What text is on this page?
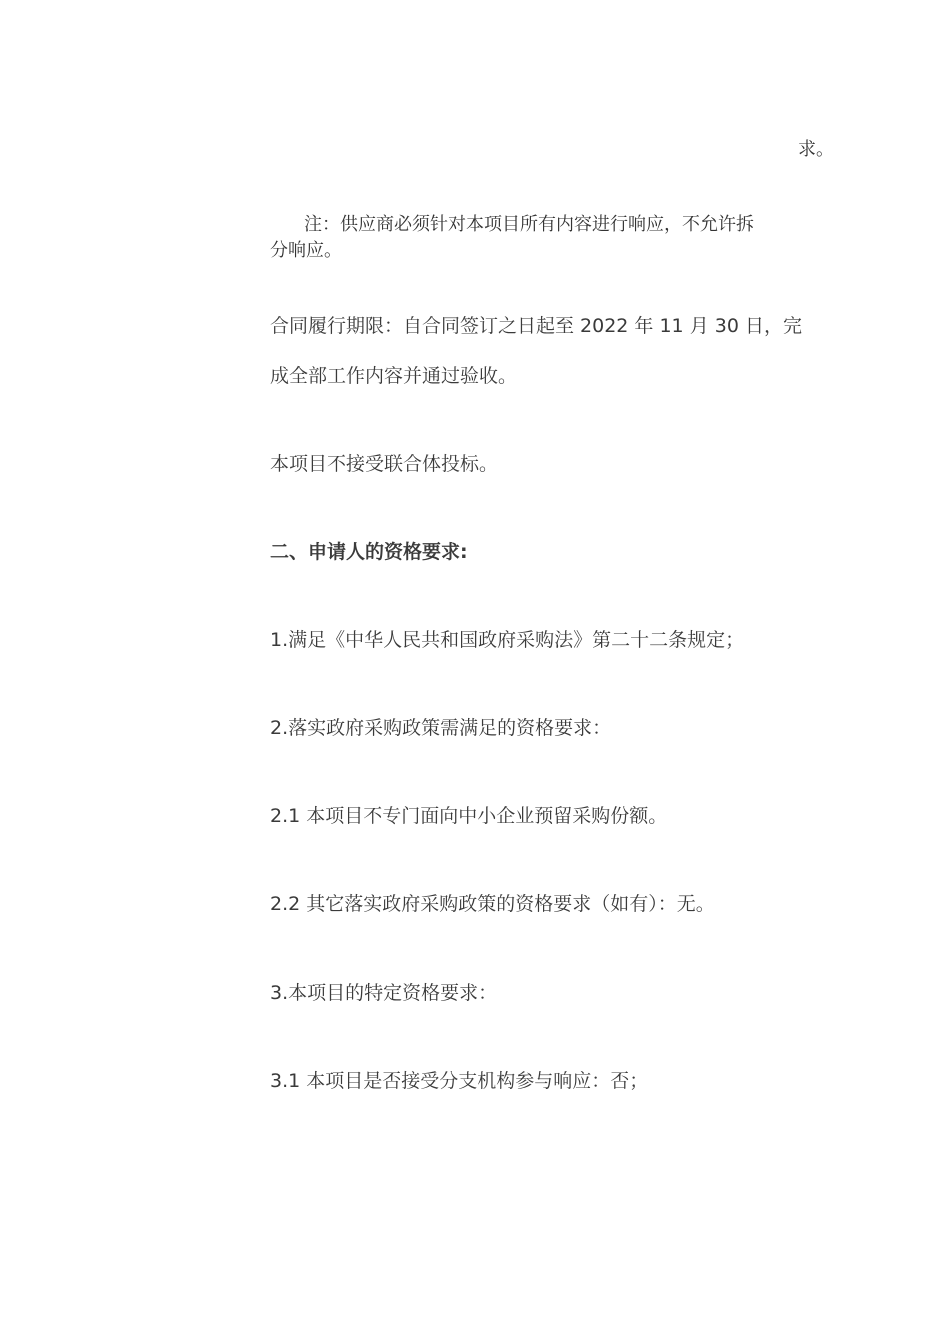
求。
注：供应商必须针对本项目所有内容进行响应，不允许拆
分响应。
合同履行期限：自合同签订之日起至 2022 年 11 月 30 日，完
成全部工作内容并通过验收。
本项目不接受联合体投标。
二、申请人的资格要求:
1.满足《中华人民共和国政府采购法》第二十二条规定；
2.落实政府采购政策需满足的资格要求：
2.1 本项目不专门面向中小企业预留采购份额。
2.2 其它落实政府采购政策的资格要求（如有）：无。
3.本项目的特定资格要求：
3.1 本项目是否接受分支机构参与响应：否；
